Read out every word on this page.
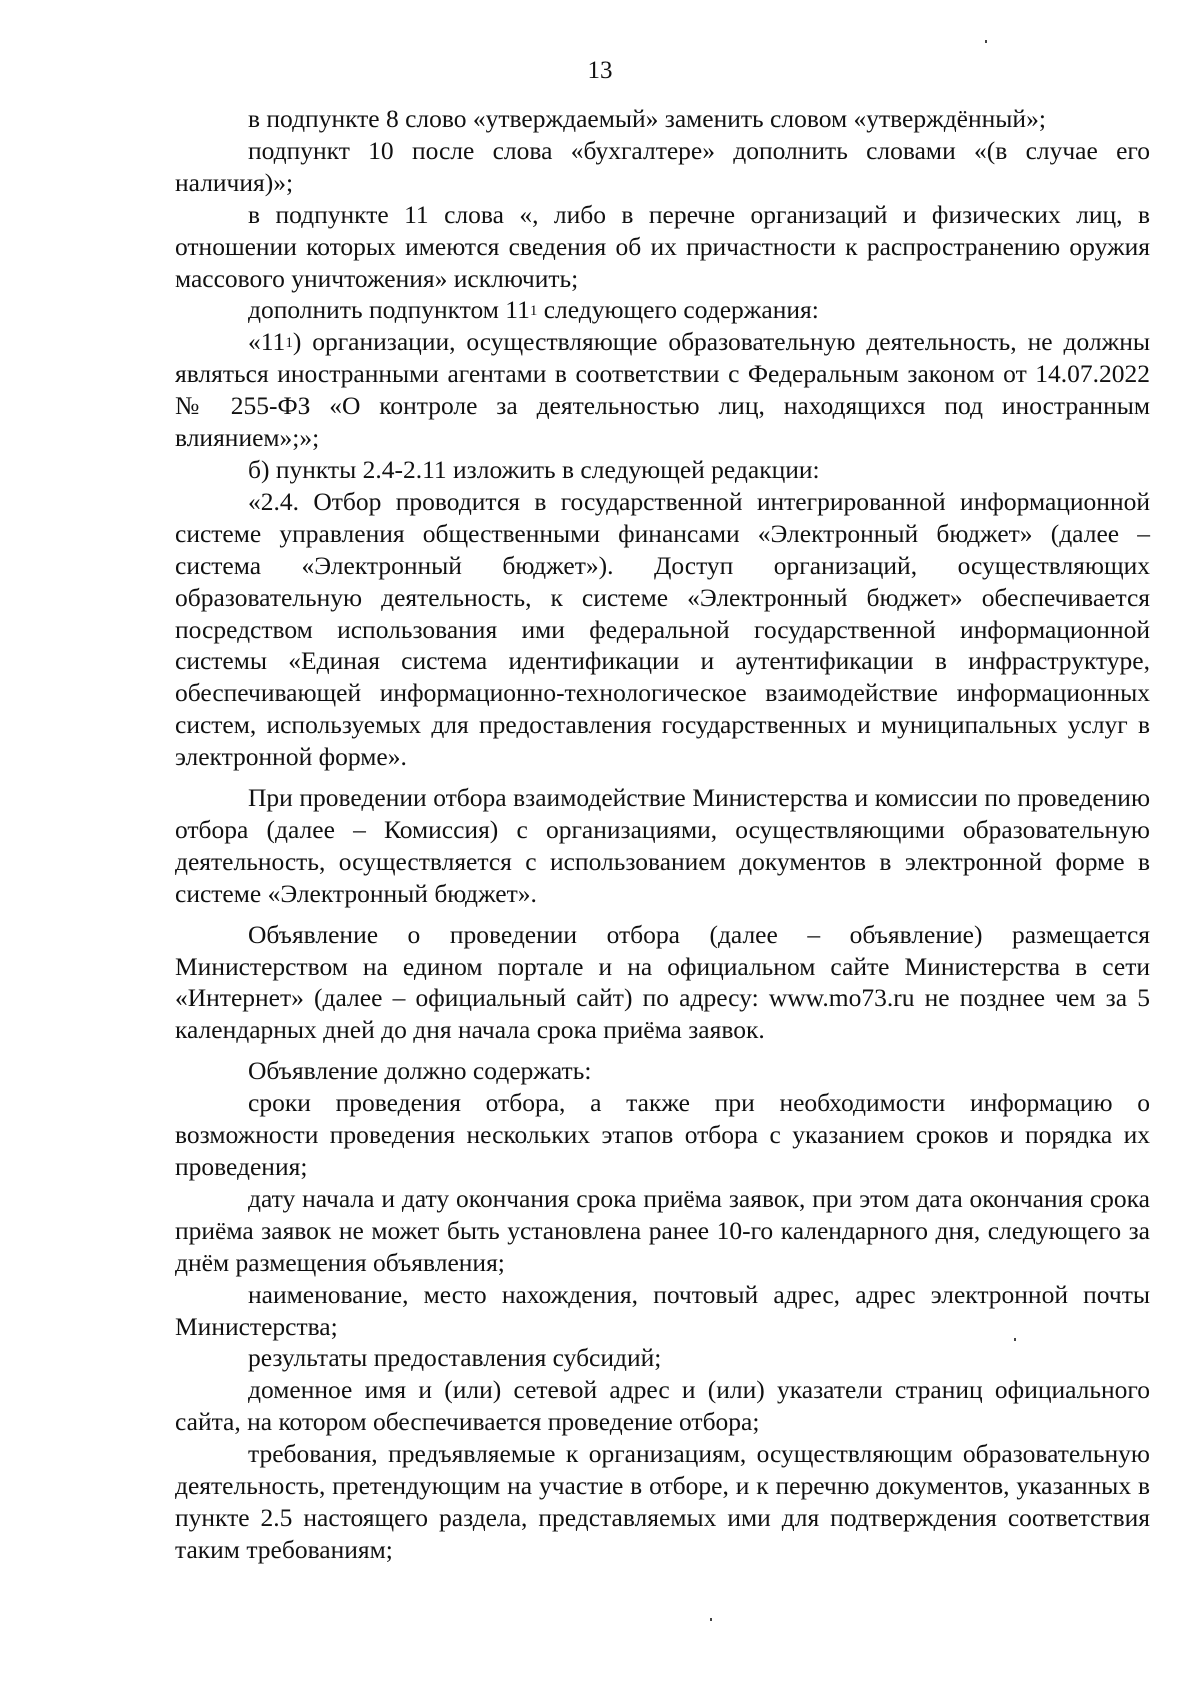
13

в подпункте 8 слово «утверждаемый» заменить словом «утверждённый»;

подпункт 10 после слова «бухгалтере» дополнить словами «(в случае его наличия)»;

в подпункте 11 слова «, либо в перечне организаций и физических лиц, в отношении которых имеются сведения об их причастности к распространению оружия массового уничтожения» исключить;

дополнить подпунктом $11^1$ следующего содержания:

«$11^1$) организации, осуществляющие образовательную деятельность, не должны являться иностранными агентами в соответствии с Федеральным законом от 14.07.2022 № 255-ФЗ «О контроле за деятельностью лиц, находящихся под иностранным влиянием»;»;

б) пункты 2.4-2.11 изложить в следующей редакции:

«2.4. Отбор проводится в государственной интегрированной информационной системе управления общественными финансами «Электронный бюджет» (далее – система «Электронный бюджет»). Доступ организаций, осуществляющих образовательную деятельность, к системе «Электронный бюджет» обеспечивается посредством использования ими федеральной государственной информационной системы «Единая система идентификации и аутентификации в инфраструктуре, обеспечивающей информационно-технологическое взаимодействие информационных систем, используемых для предоставления государственных и муниципальных услуг в электронной форме».

При проведении отбора взаимодействие Министерства и комиссии по проведению отбора (далее – Комиссия) с организациями, осуществляющими образовательную деятельность, осуществляется с использованием документов в электронной форме в системе «Электронный бюджет».

Объявление о проведении отбора (далее – объявление) размещается Министерством на едином портале и на официальном сайте Министерства в сети «Интернет» (далее – официальный сайт) по адресу: www.mo73.ru не позднее чем за 5 календарных дней до дня начала срока приёма заявок.

Объявление должно содержать:

сроки проведения отбора, а также при необходимости информацию о возможности проведения нескольких этапов отбора с указанием сроков и порядка их проведения;

дату начала и дату окончания срока приёма заявок, при этом дата окончания срока приёма заявок не может быть установлена ранее 10-го календарного дня, следующего за днём размещения объявления;

наименование, место нахождения, почтовый адрес, адрес электронной почты Министерства;

результаты предоставления субсидий;

доменное имя и (или) сетевой адрес и (или) указатели страниц официального сайта, на котором обеспечивается проведение отбора;

требования, предъявляемые к организациям, осуществляющим образовательную деятельность, претендующим на участие в отборе, и к перечню документов, указанных в пункте 2.5 настоящего раздела, представляемых ими для подтверждения соответствия таким требованиям;
